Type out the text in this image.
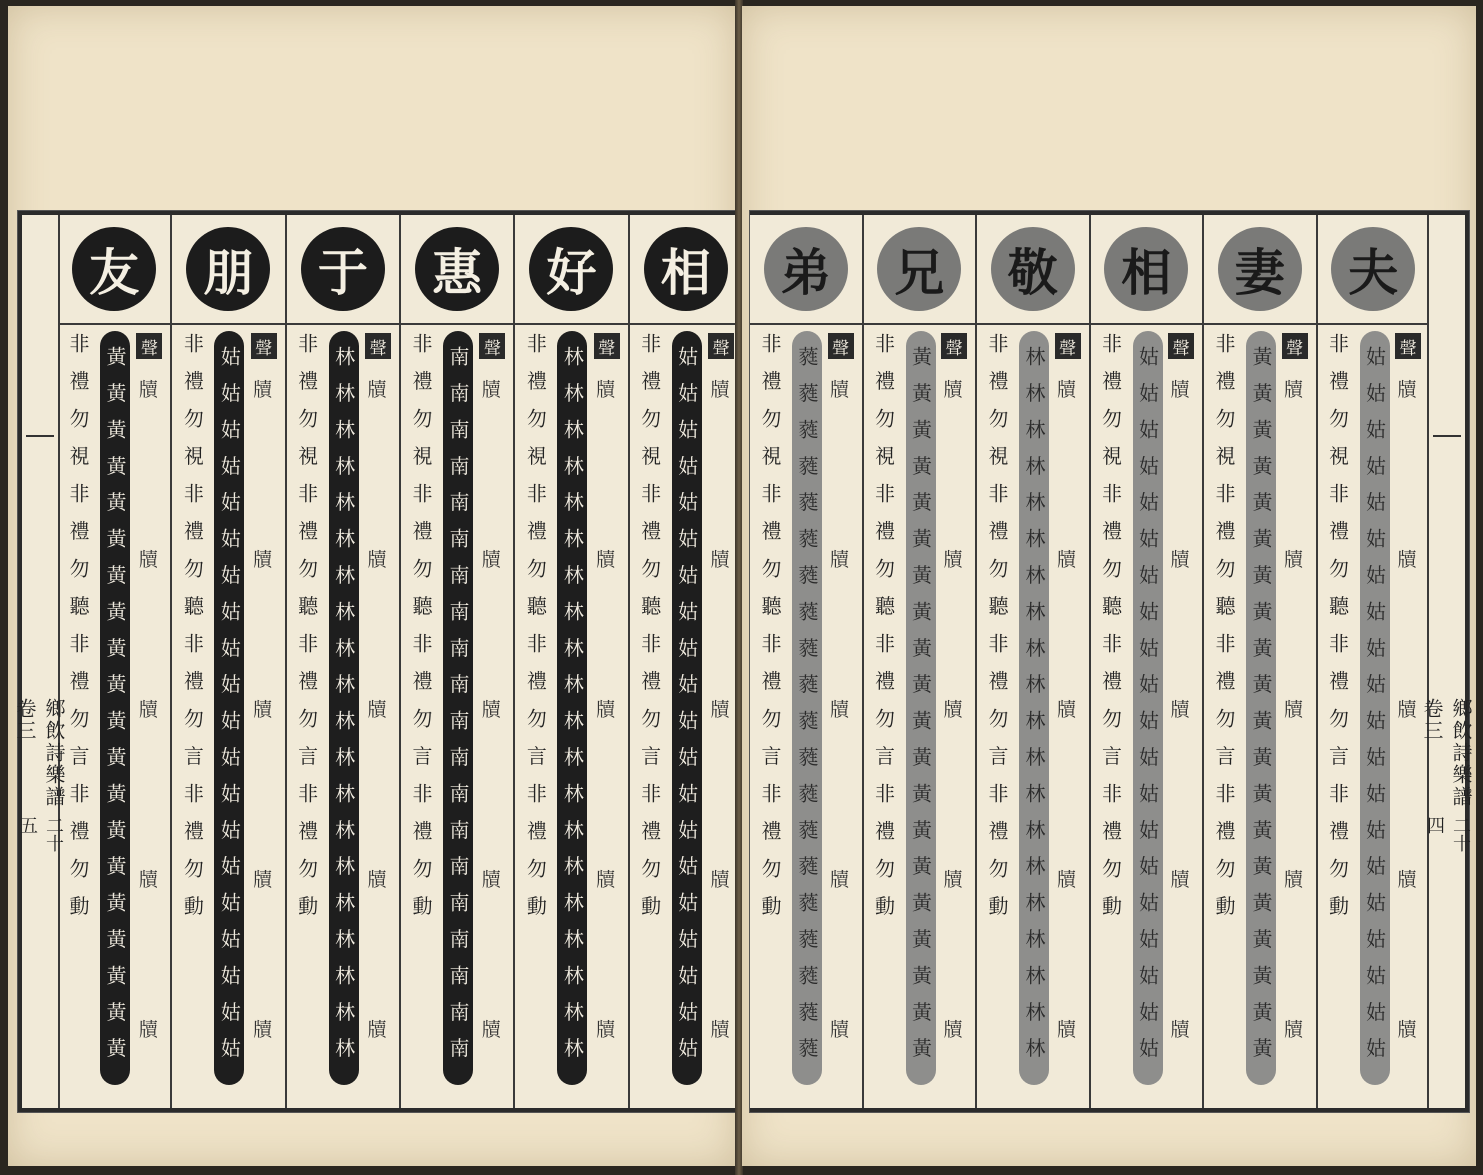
鄉飲詩樂譜卷三
二十五
友
非禮勿視非禮勿聽非禮勿言非禮勿動 黃黃黃黃黃黃黃黃黃黃黃黃黃黃黃黃黃黃黃黃 聲
牘
牘
牘
牘
牘
朋
非禮勿視非禮勿聽非禮勿言非禮勿動 姑姑姑姑姑姑姑姑姑姑姑姑姑姑姑姑姑姑姑姑 聲
牘
牘
牘
牘
牘
于
非禮勿視非禮勿聽非禮勿言非禮勿動 林林林林林林林林林林林林林林林林林林林林 聲
牘
牘
牘
牘
牘
惠
非禮勿視非禮勿聽非禮勿言非禮勿動 南南南南南南南南南南南南南南南南南南南南 聲
牘
牘
牘
牘
牘
好
非禮勿視非禮勿聽非禮勿言非禮勿動 林林林林林林林林林林林林林林林林林林林林 聲
牘
牘
牘
牘
牘
相
非禮勿視非禮勿聽非禮勿言非禮勿動 姑姑姑姑姑姑姑姑姑姑姑姑姑姑姑姑姑姑姑姑 聲
牘
牘
牘
牘
牘
弟
非禮勿視非禮勿聽非禮勿言非禮勿動 蕤蕤蕤蕤蕤蕤蕤蕤蕤蕤蕤蕤蕤蕤蕤蕤蕤蕤蕤蕤 聲
牘
牘
牘
牘
牘
兄
非禮勿視非禮勿聽非禮勿言非禮勿動 黃黃黃黃黃黃黃黃黃黃黃黃黃黃黃黃黃黃黃黃 聲
牘
牘
牘
牘
牘
敬
非禮勿視非禮勿聽非禮勿言非禮勿動 林林林林林林林林林林林林林林林林林林林林 聲
牘
牘
牘
牘
牘
相
非禮勿視非禮勿聽非禮勿言非禮勿動 姑姑姑姑姑姑姑姑姑姑姑姑姑姑姑姑姑姑姑姑 聲
牘
牘
牘
牘
牘
妻
非禮勿視非禮勿聽非禮勿言非禮勿動 黃黃黃黃黃黃黃黃黃黃黃黃黃黃黃黃黃黃黃黃 聲
牘
牘
牘
牘
牘
夫
非禮勿視非禮勿聽非禮勿言非禮勿動 姑姑姑姑姑姑姑姑姑姑姑姑姑姑姑姑姑姑姑姑 聲
牘
牘
牘
牘
牘
鄉飲詩樂譜卷三
二十四
